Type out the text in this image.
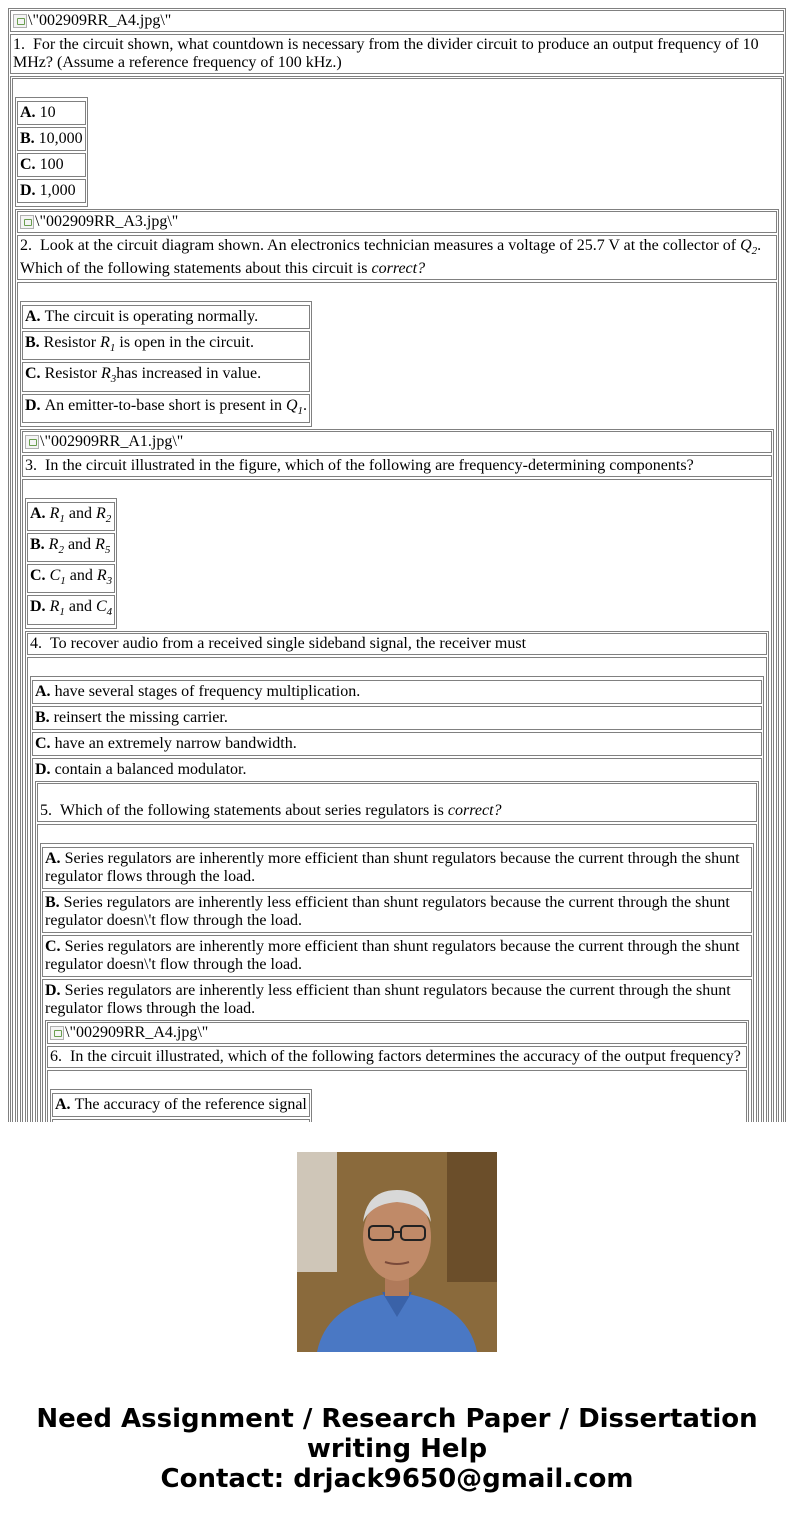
\"002909RR_A4.jpg\"
1. For the circuit shown, what countdown is necessary from the divider circuit to produce an output frequency of 10 MHz? (Assume a reference frequency of 100 kHz.)
A. 10
B. 10,000
C. 100
D. 1,000
\"002909RR_A3.jpg\"
2. Look at the circuit diagram shown. An electronics technician measures a voltage of 25.7 V at the collector of $Q_2$. Which of the following statements about this circuit is correct?
A. The circuit is operating normally.
B. Resistor $R_1$ is open in the circuit.
C. Resistor $R_3has$ increased in value.
D. An emitter-to-base short is present in $Q_1$.
\"002909RR_A1.jpg\"
3. In the circuit illustrated in the figure, which of the following are frequency-determining components?
A. $R_1$ and $R_2$
B. $R_2$ and $R_5$
C. $C_1$ and $R_3$
D. $R_1$ and $C_4$
4. To recover audio from a received single sideband signal, the receiver must
A. have several stages of frequency multiplication.
B. reinsert the missing carrier.
C. have an extremely narrow bandwidth.
D. contain a balanced modulator.
5. Which of the following statements about series regulators is correct?
A. Series regulators are inherently more efficient than shunt regulators because the current through the shunt regulator flows through the load.
B. Series regulators are inherently less efficient than shunt regulators because the current through the shunt regulator doesn\'t flow through the load.
C. Series regulators are inherently more efficient than shunt regulators because the current through the shunt regulator doesn\'t flow through the load.
D. Series regulators are inherently less efficient than shunt regulators because the current through the shunt regulator flows through the load.
\"002909RR_A4.jpg\"
6. In the circuit illustrated, which of the following factors determines the accuracy of the output frequency?
A. The accuracy of the reference signal
Need Assignment / Research Paper / Dissertation
writing Help
Contact: drjack9650@gmail.com
